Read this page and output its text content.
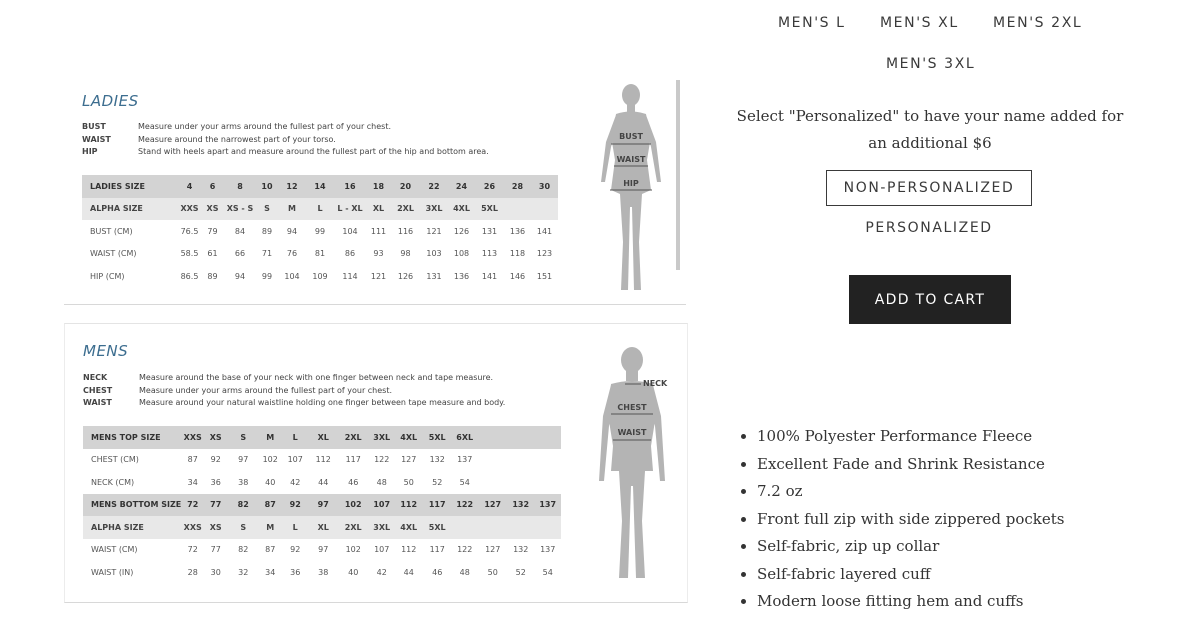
LADIES
BUST	Measure under your arms around the fullest part of your chest.
WAIST	Measure around the narrowest part of your torso.
HIP	Stand with heels apart and measure around the fullest part of the hip and bottom area.
LADIES SIZE	4	6	8	10	12	14	16	18	20	22	24	26	28	30
ALPHA SIZE	XXS	XS	XS - S	S	M	L	L - XL	XL	2XL	3XL	4XL	5XL		
BUST (CM)	76.5	79	84	89	94	99	104	111	116	121	126	131	136	141
WAIST (CM)	58.5	61	66	71	76	81	86	93	98	103	108	113	118	123
HIP (CM)	86.5	89	94	99	104	109	114	121	126	131	136	141	146	151
BUST
WAIST
HIP
MENS
NECK	Measure around the base of your neck with one finger between neck and tape measure.
CHEST	Measure under your arms around the fullest part of your chest.
WAIST	Measure around your natural waistline holding one finger between tape measure and body.
MENS TOP SIZE	XXS	XS	S	M	L	XL	2XL	3XL	4XL	5XL	6XL			
CHEST (CM)	87	92	97	102	107	112	117	122	127	132	137			
NECK (CM)	34	36	38	40	42	44	46	48	50	52	54			
MENS BOTTOM SIZE	72	77	82	87	92	97	102	107	112	117	122	127	132	137
ALPHA SIZE	XXS	XS	S	M	L	XL	2XL	3XL	4XL	5XL				
WAIST (CM)	72	77	82	87	92	97	102	107	112	117	122	127	132	137
WAIST (IN)	28	30	32	34	36	38	40	42	44	46	48	50	52	54
NECK
CHEST
WAIST
MEN'S L MEN'S XL MEN'S 2XL
MEN'S 3XL
Select "Personalized" to have your name added for an additional $6
NON-PERSONALIZED
PERSONALIZED
ADD TO CART
• 100% Polyester Performance Fleece
• Excellent Fade and Shrink Resistance
• 7.2 oz
• Front full zip with side zippered pockets
• Self-fabric, zip up collar
• Self-fabric layered cuff
• Modern loose fitting hem and cuffs
